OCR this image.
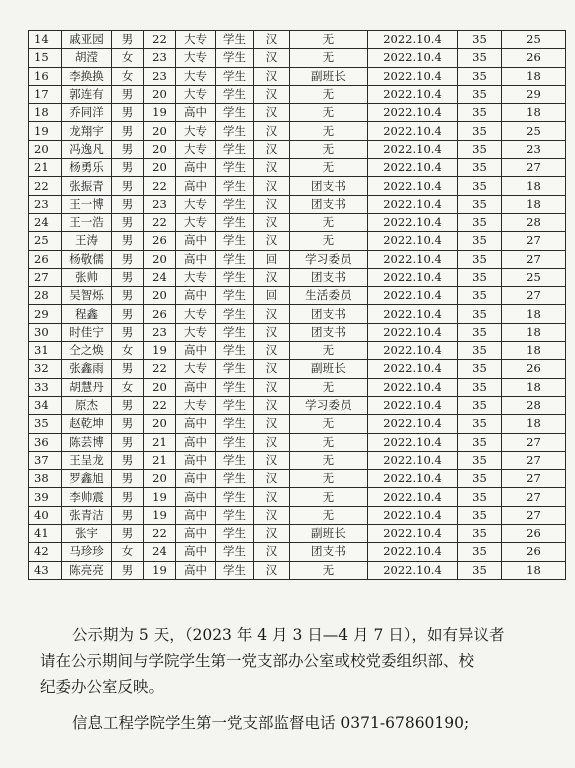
14	戚亚园	男	22	大专	学生	汉	无	2022.10.4	35	25
15	胡滢	女	23	大专	学生	汉	无	2022.10.4	35	26
16	李换换	女	23	大专	学生	汉	副班长	2022.10.4	35	18
17	郭连有	男	20	大专	学生	汉	无	2022.10.4	35	29
18	乔同洋	男	19	高中	学生	汉	无	2022.10.4	35	18
19	龙翔宇	男	20	大专	学生	汉	无	2022.10.4	35	25
20	冯逸凡	男	20	大专	学生	汉	无	2022.10.4	35	23
21	杨勇乐	男	20	高中	学生	汉	无	2022.10.4	35	27
22	张振青	男	22	高中	学生	汉	团支书	2022.10.4	35	18
23	王一博	男	23	大专	学生	汉	团支书	2022.10.4	35	18
24	王一浩	男	22	大专	学生	汉	无	2022.10.4	35	28
25	王涛	男	26	高中	学生	汉	无	2022.10.4	35	27
26	杨敬儒	男	20	高中	学生	回	学习委员	2022.10.4	35	27
27	张帅	男	24	大专	学生	汉	团支书	2022.10.4	35	25
28	吴智烁	男	20	高中	学生	回	生活委员	2022.10.4	35	27
29	程鑫	男	26	大专	学生	汉	团支书	2022.10.4	35	18
30	时佳宁	男	23	大专	学生	汉	团支书	2022.10.4	35	18
31	仝之焕	女	19	高中	学生	汉	无	2022.10.4	35	18
32	张鑫雨	男	22	大专	学生	汉	副班长	2022.10.4	35	26
33	胡慧丹	女	20	高中	学生	汉	无	2022.10.4	35	18
34	原杰	男	22	大专	学生	汉	学习委员	2022.10.4	35	28
35	赵乾坤	男	20	高中	学生	汉	无	2022.10.4	35	18
36	陈芸博	男	21	高中	学生	汉	无	2022.10.4	35	27
37	王呈龙	男	21	高中	学生	汉	无	2022.10.4	35	27
38	罗鑫旭	男	20	高中	学生	汉	无	2022.10.4	35	27
39	李帅震	男	19	高中	学生	汉	无	2022.10.4	35	27
40	张青洁	男	19	高中	学生	汉	无	2022.10.4	35	27
41	张宇	男	22	高中	学生	汉	副班长	2022.10.4	35	26
42	马珍珍	女	24	高中	学生	汉	团支书	2022.10.4	35	26
43	陈亮亮	男	19	高中	学生	汉	无	2022.10.4	35	18

公示期为 5 天，（2023 年 4 月 3 日—4 月 7 日），如有异议者

请在公示期间与学院学生第一党支部办公室或校党委组织部、校

纪委办公室反映。

信息工程学院学生第一党支部监督电话 0371-67860190;
